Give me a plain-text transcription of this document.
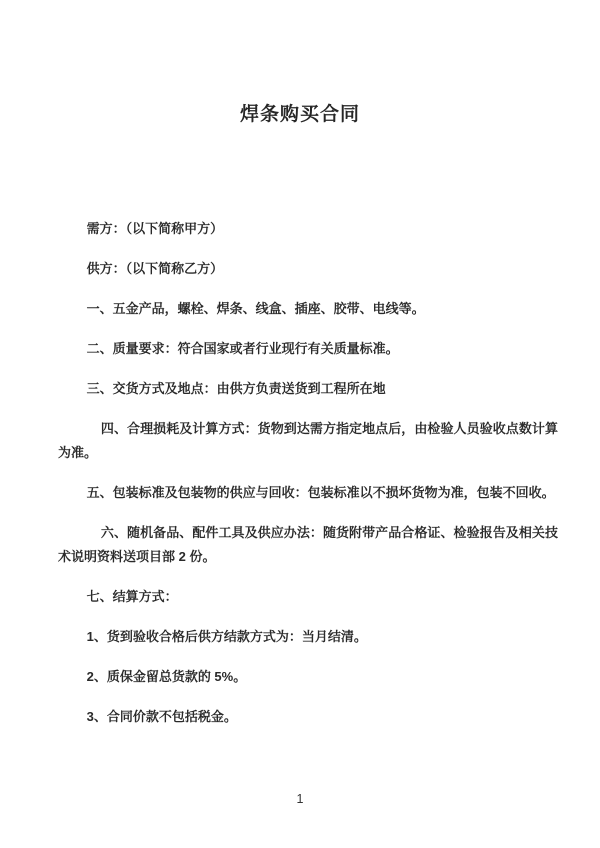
焊条购买合同

需方：（以下简称甲方）

供方：（以下简称乙方）

一、五金产品，螺栓、焊条、线盒、插座、胶带、电线等。

二、质量要求：符合国家或者行业现行有关质量标准。

三、交货方式及地点：由供方负责送货到工程所在地

四、合理损耗及计算方式：货物到达需方指定地点后，由检验人员验收点数计算为准。

五、包装标准及包装物的供应与回收：包装标准以不损坏货物为准，包装不回收。

六、随机备品、配件工具及供应办法：随货附带产品合格证、检验报告及相关技术说明资料送项目部 2 份。

七、结算方式：

1、货到验收合格后供方结款方式为：当月结清。

2、质保金留总货款的 5%。

3、合同价款不包括税金。

1
